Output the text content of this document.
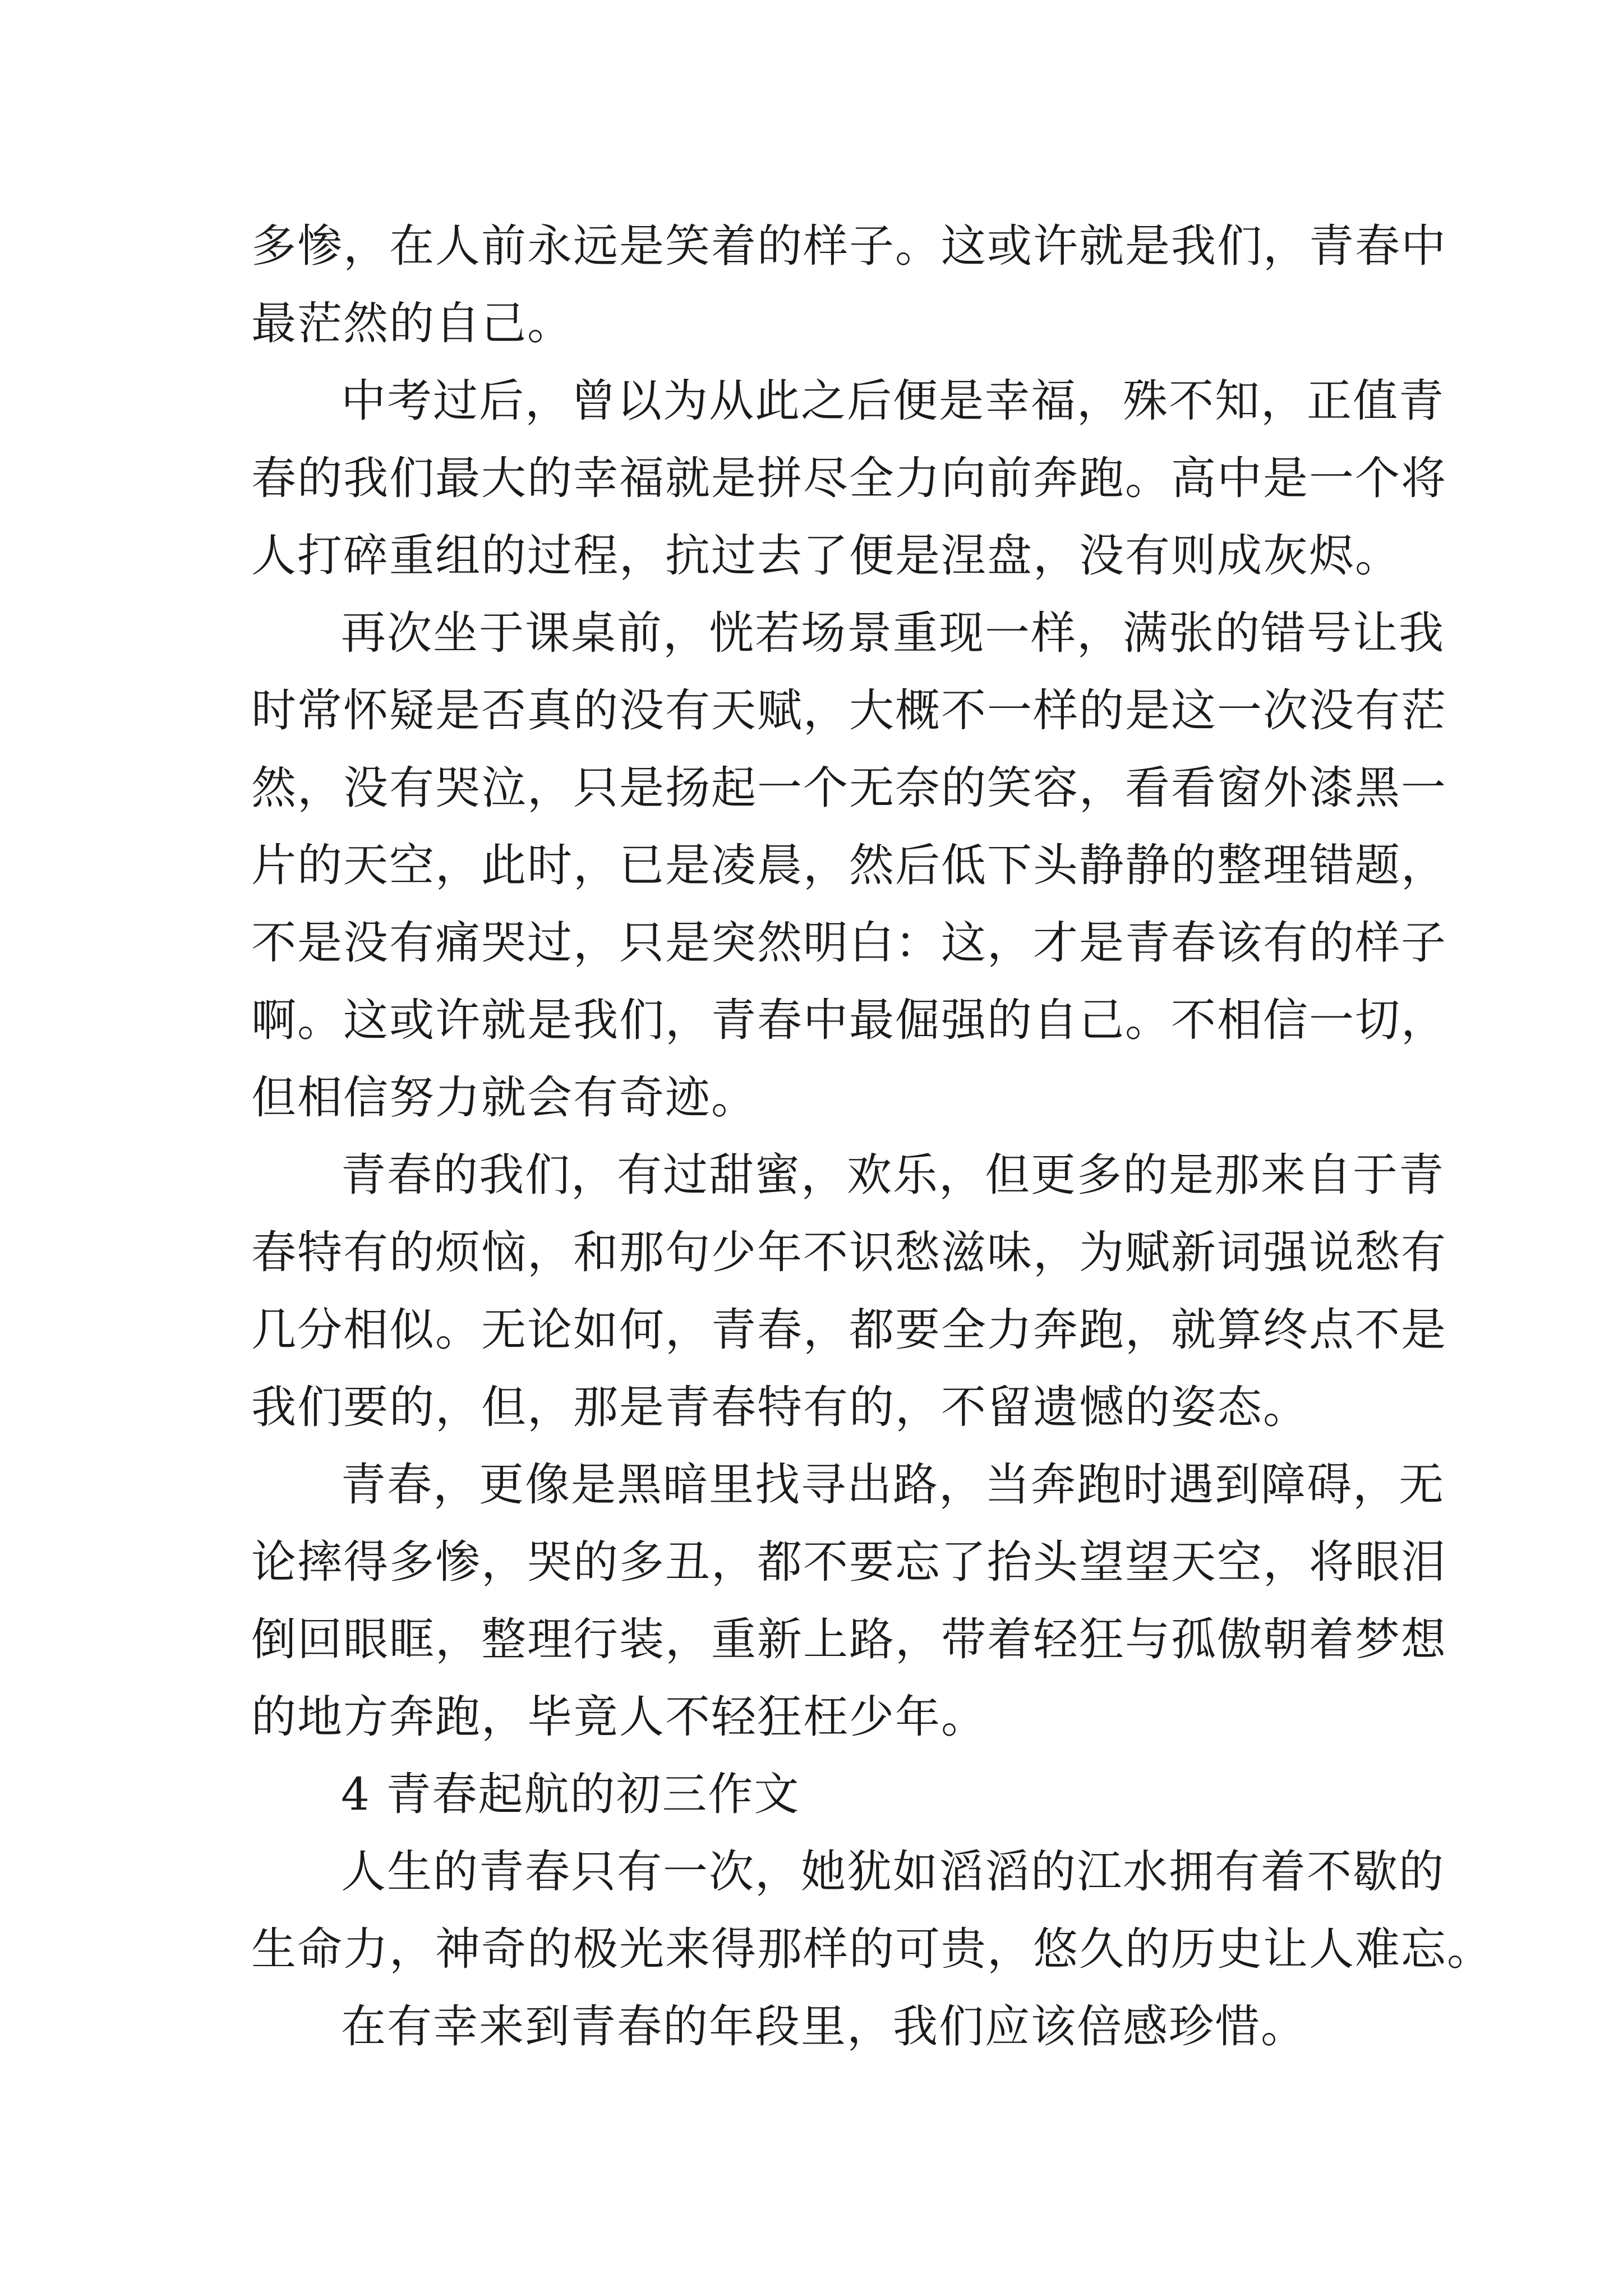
多惨，在人前永远是笑着的样子。这或许就是我们，青春中
最茫然的自己。
中考过后，曾以为从此之后便是幸福，殊不知，正值青
春的我们最大的幸福就是拼尽全力向前奔跑。高中是一个将
人打碎重组的过程，抗过去了便是涅盘，没有则成灰烬。
再次坐于课桌前，恍若场景重现一样，满张的错号让我
时常怀疑是否真的没有天赋，大概不一样的是这一次没有茫
然，没有哭泣，只是扬起一个无奈的笑容，看看窗外漆黑一
片的天空，此时，已是凌晨，然后低下头静静的整理错题，
不是没有痛哭过，只是突然明白：这，才是青春该有的样子
啊。这或许就是我们，青春中最倔强的自己。不相信一切，
但相信努力就会有奇迹。
青春的我们，有过甜蜜，欢乐，但更多的是那来自于青
春特有的烦恼，和那句少年不识愁滋味，为赋新词强说愁有
几分相似。无论如何，青春，都要全力奔跑，就算终点不是
我们要的，但，那是青春特有的，不留遗憾的姿态。
青春，更像是黑暗里找寻出路，当奔跑时遇到障碍，无
论摔得多惨，哭的多丑，都不要忘了抬头望望天空，将眼泪
倒回眼眶，整理行装，重新上路，带着轻狂与孤傲朝着梦想
的地方奔跑，毕竟人不轻狂枉少年。
4 青春起航的初三作文
人生的青春只有一次，她犹如滔滔的江水拥有着不歇的
生命力，神奇的极光来得那样的可贵，悠久的历史让人难忘。
在有幸来到青春的年段里，我们应该倍感珍惜。
